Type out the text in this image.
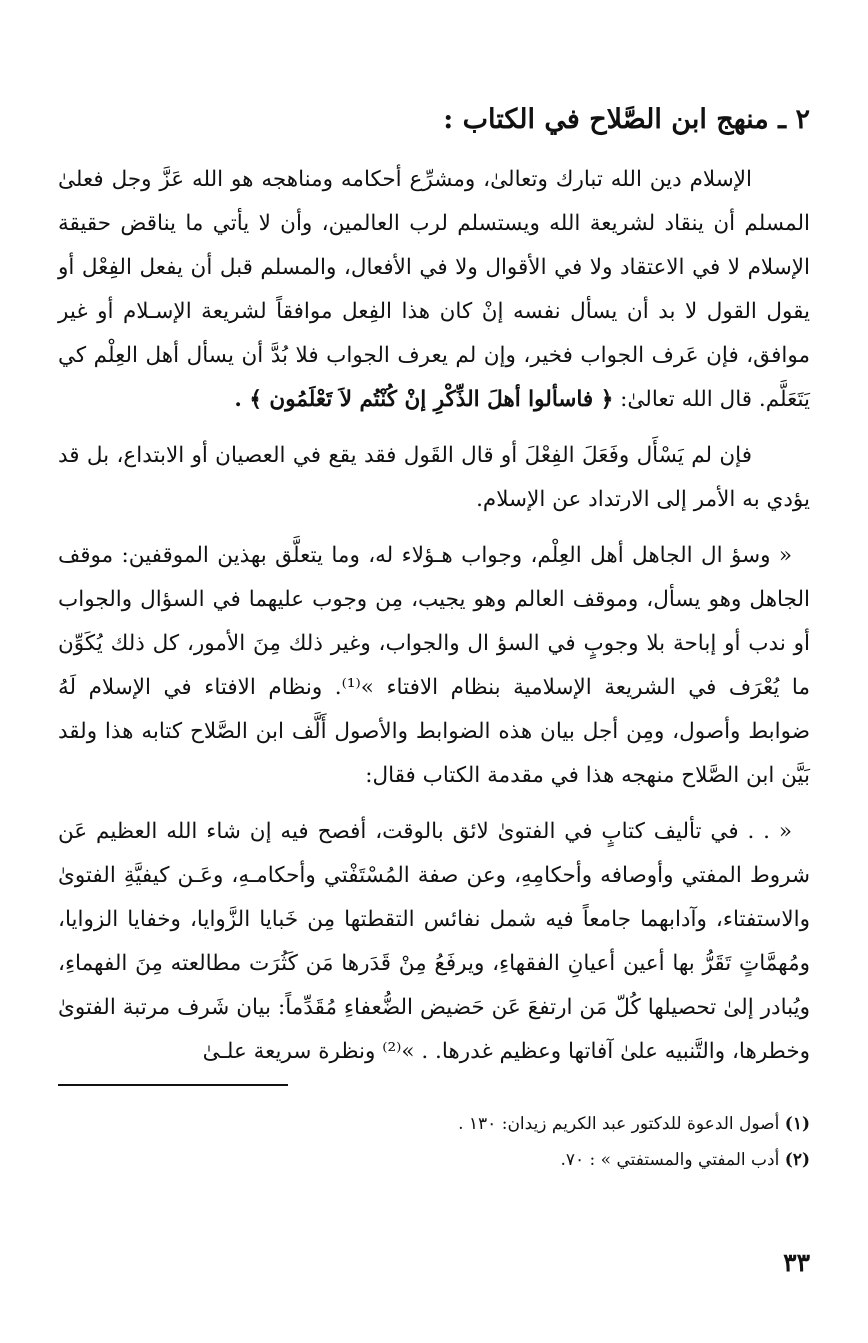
٢ ـ منهج ابن الصَّلاح في الكتاب :

الإسلام دين الله تبارك وتعالىٰ، ومشرِّع أحكامه ومناهجه هو الله عَزَّ وجل فعلىٰ المسلم أن ينقاد لشريعة الله ويستسلم لرب العالمين، وأن لا يأتي ما يناقض حقيقة الإسلام لا في الاعتقاد ولا في الأقوال ولا في الأفعال، والمسلم قبل أن يفعل الفِعْل أو يقول القول لا بد أن يسأل نفسه إنْ كان هذا الفِعل موافقاً لشريعة الإسـلام أو غير موافق، فإن عَرف الجواب فخير، وإن لم يعرف الجواب فلا بُدَّ أن يسأل أهل العِلْم كي يَتَعَلَّم. قال الله تعالىٰ: ﴿ فاسألوا أهلَ الذِّكْرِ إنْ كُنْتُم لاَ تَعْلَمُون ﴾ .

فإن لم يَسْأَل وفَعَلَ الفِعْلَ أو قال القَول فقد يقع في العصيان أو الابتداع، بل قد يؤدي به الأمر إلى الارتداد عن الإسلام.

« وسؤ ال الجاهل أهل العِلْم، وجواب هـؤلاء له، وما يتعلَّق بهذين الموقفين: موقف الجاهل وهو يسأل، وموقف العالم وهو يجيب، مِن وجوب عليهما في السؤال والجواب أو ندب أو إباحة بلا وجوبٍ في السؤ ال والجواب، وغير ذلك مِنَ الأمور، كل ذلك يُكَوِّن ما يُعْرَف في الشريعة الإسلامية بنظام الافتاء »⁽¹⁾. ونظام الافتاء في الإسلام لَهُ ضوابط وأصول، ومِن أجل بيان هذه الضوابط والأصول أَلَّف ابن الصَّلاح كتابه هذا ولقد بَيَّن ابن الصَّلاح منهجه هذا في مقدمة الكتاب فقال:

« . . في تأليف كتابٍ في الفتوىٰ لائق بالوقت، أفصح فيه إن شاء الله العظيم عَن شروط المفتي وأوصافه وأحكامِهِ، وعن صفة المُسْتَفْتي وأحكامـهِ، وعَـن كيفيَّةِ الفتوىٰ والاستفتاء، وآدابهما جامعاً فيه شمل نفائس التقطتها مِن خَبايا الزَّوايا، وخفايا الزوايا، ومُهمَّاتٍ تَقَرُّ بها أعين أعيانِ الفقهاءِ، ويرفَعُ مِنْ قَدَرها مَن كَثُرَت مطالعته مِنَ الفهماءِ، ويُبادر إلىٰ تحصيلها كُلّ مَن ارتفعَ عَن حَضيض الضُّعفاءِ مُقَدِّماً: بيان شَرف مرتبة الفتوىٰ وخطرها، والتَّنبيه علىٰ آفاتها وعظيم غدرها. . »⁽²⁾ ونظرة سريعة علـىٰ

(١) أصول الدعوة للدكتور عبد الكريم زيدان: ١٣٠ .

(٢) أدب المفتي والمستفتي » : ٧٠.

٣٣
